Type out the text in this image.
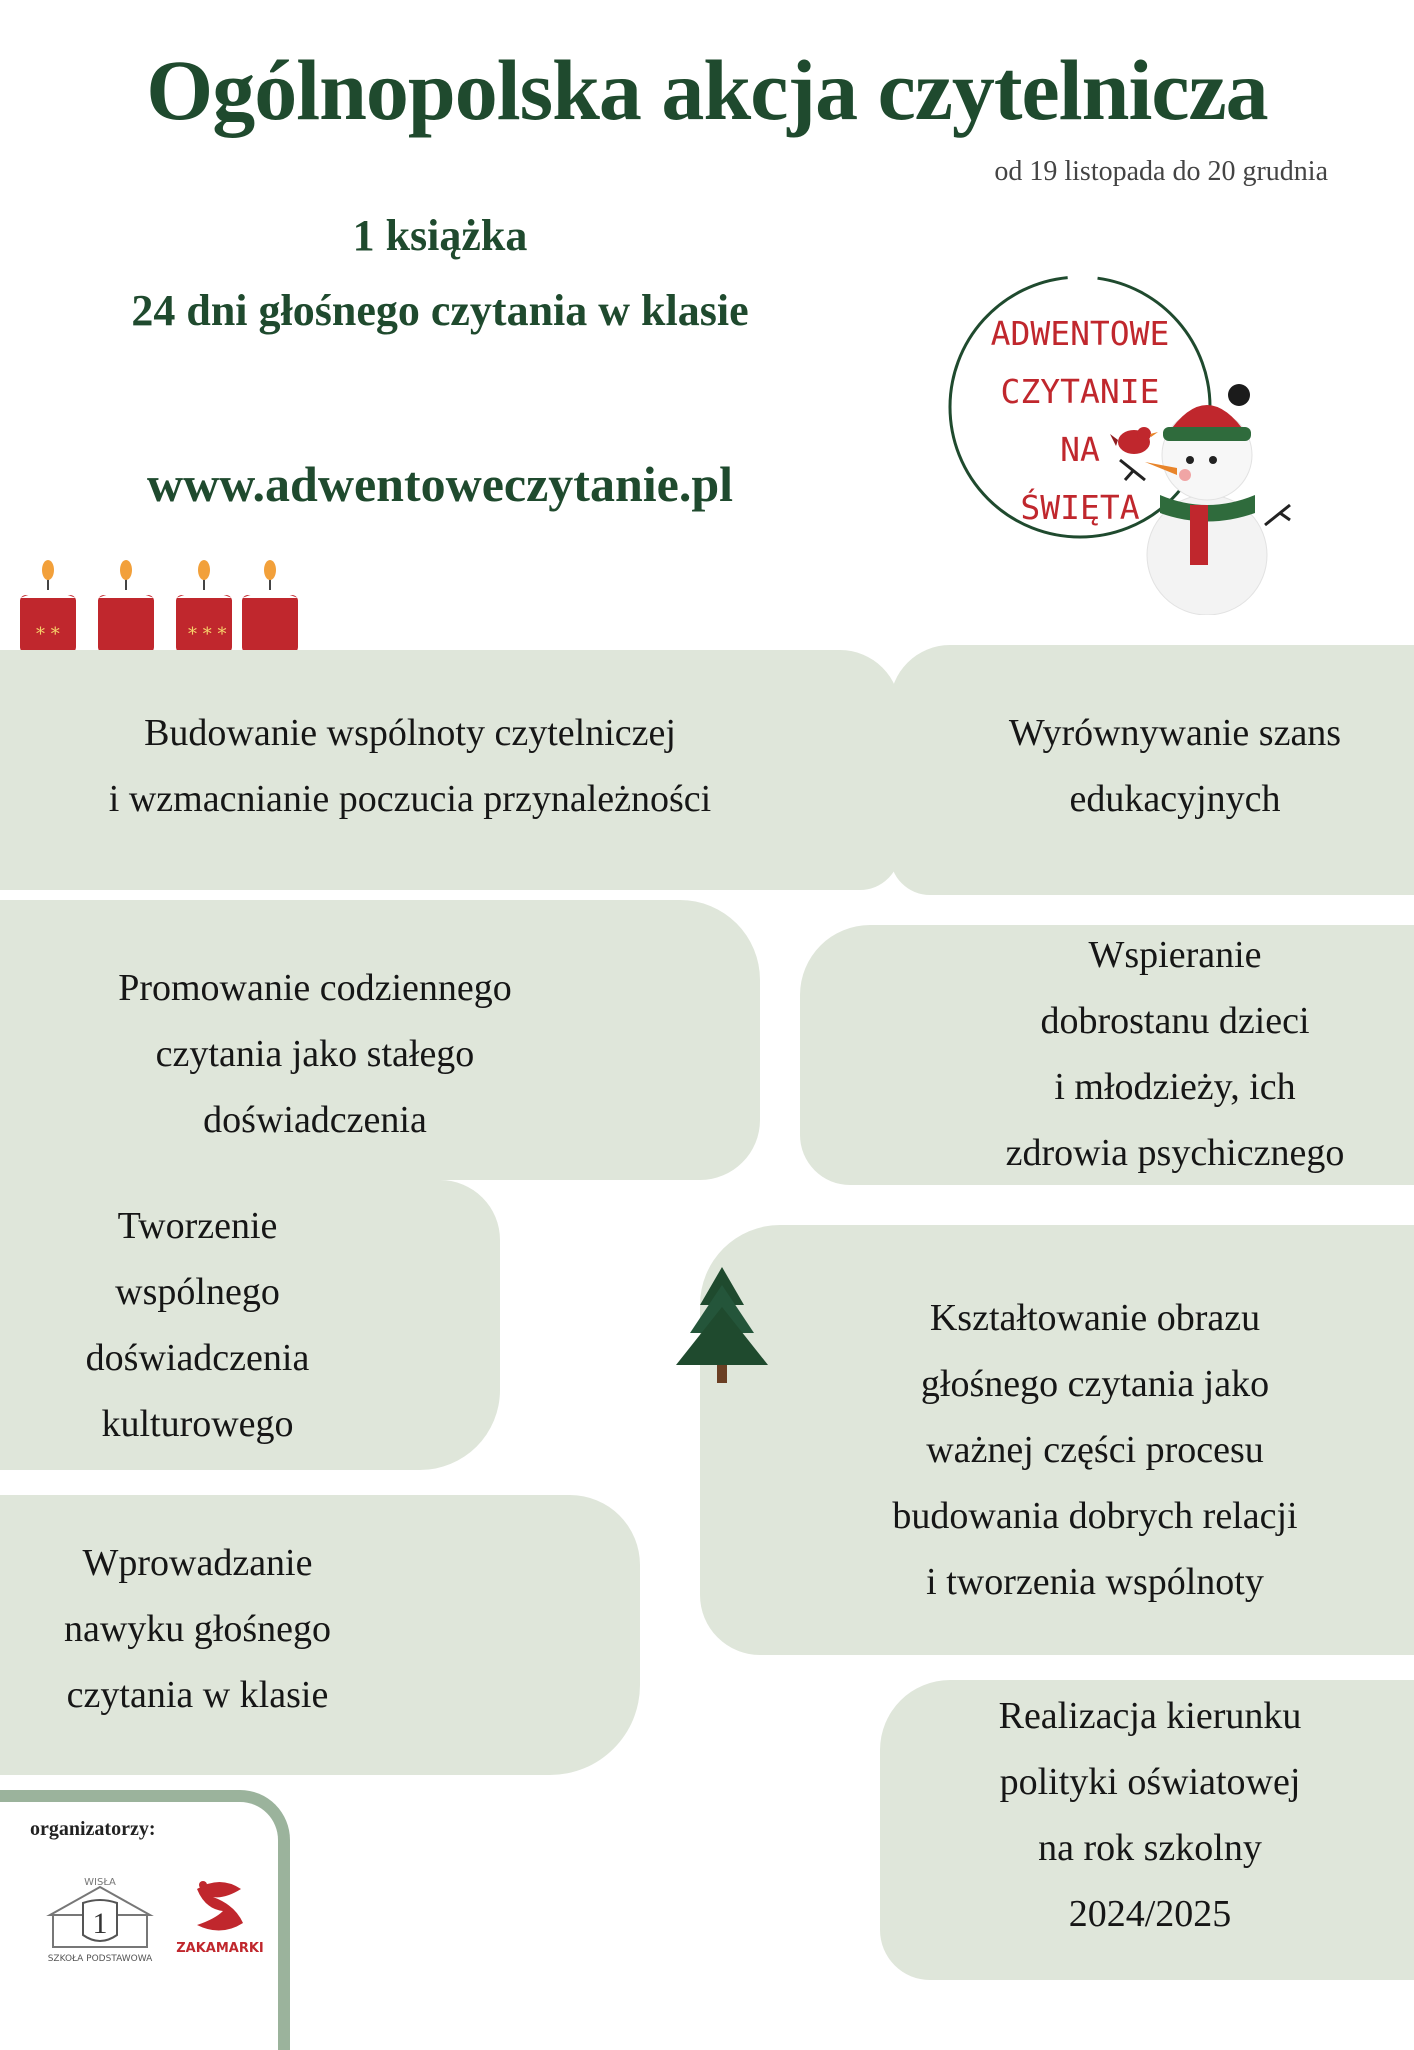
Ogólnopolska akcja czytelnicza
od 19 listopada do 20 grudnia
1 książka
24 dni głośnego czytania w klasie
www.adwentoweczytanie.pl
ADWENTOWE
CZYTANIE
NA
ŚWIĘTA
* *	* * *
Budowanie wspólnoty czytelniczej
i wzmacnianie poczucia przynależności
Promowanie codziennego
czytania jako stałego
doświadczenia
Tworzenie
wspólnego
doświadczenia
kulturowego
Wprowadzanie
nawyku głośnego
czytania w klasie
Wyrównywanie szans
edukacyjnych
Wspieranie
dobrostanu dzieci
i młodzieży, ich
zdrowia psychicznego
Kształtowanie obrazu
głośnego czytania jako
ważnej części procesu
budowania dobrych relacji
i tworzenia wspólnoty
Realizacja kierunku
polityki oświatowej
na rok szkolny
2024/2025
organizatorzy:
1
WISŁA
SZKOŁA PODSTAWOWA
ZAKAMARKI
